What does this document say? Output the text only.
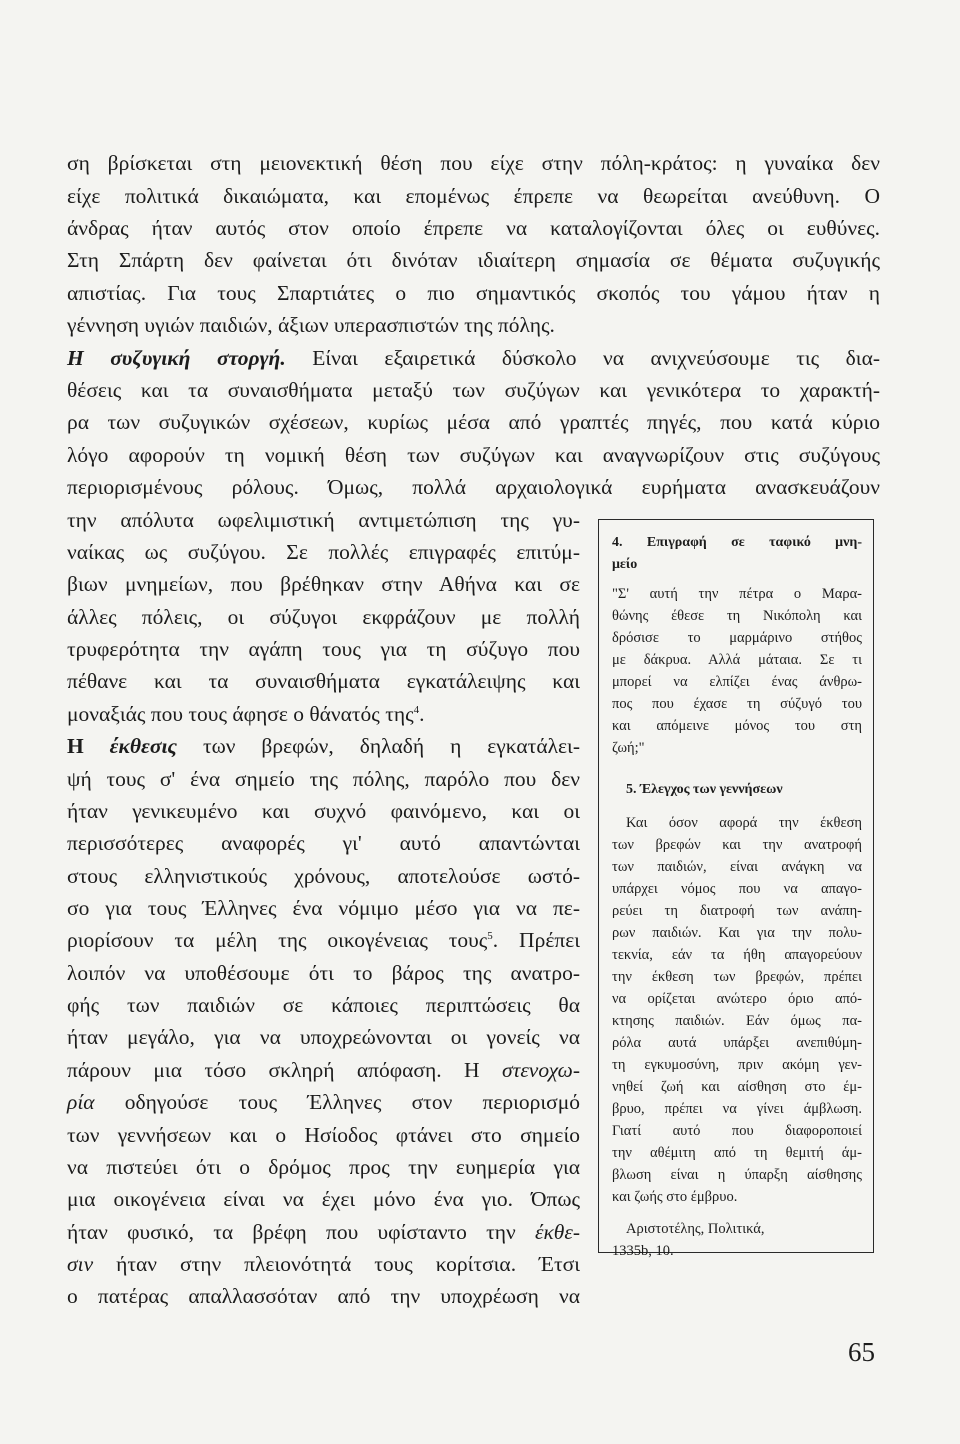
ση βρίσκεται στη μειονεκτική θέση που είχε στην πόλη-κράτος: η γυναίκα δεν
είχε πολιτικά δικαιώματα, και επομένως έπρεπε να θεωρείται ανεύθυνη. Ο
άνδρας ήταν αυτός στον οποίο έπρεπε να καταλογίζονται όλες οι ευθύνες.
Στη Σπάρτη δεν φαίνεται ότι δινόταν ιδιαίτερη σημασία σε θέματα συζυγικής
απιστίας. Για τους Σπαρτιάτες ο πιο σημαντικός σκοπός του γάμου ήταν η
γέννηση υγιών παιδιών, άξιων υπερασπιστών της πόλης.
Η συζυγική στοργή. Είναι εξαιρετικά δύσκολο να ανιχνεύσουμε τις δια-
θέσεις και τα συναισθήματα μεταξύ των συζύγων και γενικότερα το χαρακτή-
ρα των συζυγικών σχέσεων, κυρίως μέσα από γραπτές πηγές, που κατά κύριο
λόγο αφορούν τη νομική θέση των συζύγων και αναγνωρίζουν στις συζύγους
περιορισμένους ρόλους. Όμως, πολλά αρχαιολογικά ευρήματα ανασκευάζουν
την απόλυτα ωφελιμιστική αντιμετώπιση της γυ-
ναίκας ως συζύγου. Σε πολλές επιγραφές επιτύμ-
βιων μνημείων, που βρέθηκαν στην Αθήνα και σε
άλλες πόλεις, οι σύζυγοι εκφράζουν με πολλή
τρυφερότητα την αγάπη τους για τη σύζυγο που
πέθανε και τα συναισθήματα εγκατάλειψης και
μοναξιάς που τους άφησε ο θάνατός της$^4$.
Η έκθεσις των βρεφών, δηλαδή η εγκατάλει-
ψή τους σ' ένα σημείο της πόλης, παρόλο που δεν
ήταν γενικευμένο και συχνό φαινόμενο, και οι
περισσότερες αναφορές γι' αυτό απαντώνται
στους ελληνιστικούς χρόνους, αποτελούσε ωστό-
σο για τους Έλληνες ένα νόμιμο μέσο για να πε-
ριορίσουν τα μέλη της οικογένειας τους$^5$. Πρέπει
λοιπόν να υποθέσουμε ότι το βάρος της ανατρο-
φής των παιδιών σε κάποιες περιπτώσεις θα
ήταν μεγάλο, για να υποχρεώνονται οι γονείς να
πάρουν μια τόσο σκληρή απόφαση. Η στενοχω-
ρία οδηγούσε τους Έλληνες στον περιορισμό
των γεννήσεων και ο Ησίοδος φτάνει στο σημείο
να πιστεύει ότι ο δρόμος προς την ευημερία για
μια οικογένεια είναι να έχει μόνο ένα γιο. Όπως
ήταν φυσικό, τα βρέφη που υφίσταντο την έκθε-
σιν ήταν στην πλειονότητά τους κορίτσια. Έτσι
ο πατέρας απαλλασσόταν από την υποχρέωση να
4. Επιγραφή σε ταφικό μνη-
μείο
"Σ' αυτή την πέτρα ο Μαρα-
θώνης έθεσε τη Νικόπολη και
δρόσισε το μαρμάρινο στήθος
με δάκρυα. Αλλά μάταια. Σε τι
μπορεί να ελπίζει ένας άνθρω-
πος που έχασε τη σύζυγό του
και απόμεινε μόνος του στη
ζωή;"
5. Έλεγχος των γεννήσεων
Και όσον αφορά την έκθεση
των βρεφών και την ανατροφή
των παιδιών, είναι ανάγκη να
υπάρχει νόμος που να απαγο-
ρεύει τη διατροφή των ανάπη-
ρων παιδιών. Και για την πολυ-
τεκνία, εάν τα ήθη απαγορεύουν
την έκθεση των βρεφών, πρέπει
να ορίζεται ανώτερο όριο από-
κτησης παιδιών. Εάν όμως πα-
ρόλα αυτά υπάρξει ανεπιθύμη-
τη εγκυμοσύνη, πριν ακόμη γεν-
νηθεί ζωή και αίσθηση στο έμ-
βρυο, πρέπει να γίνει άμβλωση.
Γιατί αυτό που διαφοροποιεί
την αθέμιτη από τη θεμιτή άμ-
βλωση είναι η ύπαρξη αίσθησης
και ζωής στο έμβρυο.
Αριστοτέλης, Πολιτικά,
1335b, 10.
65
